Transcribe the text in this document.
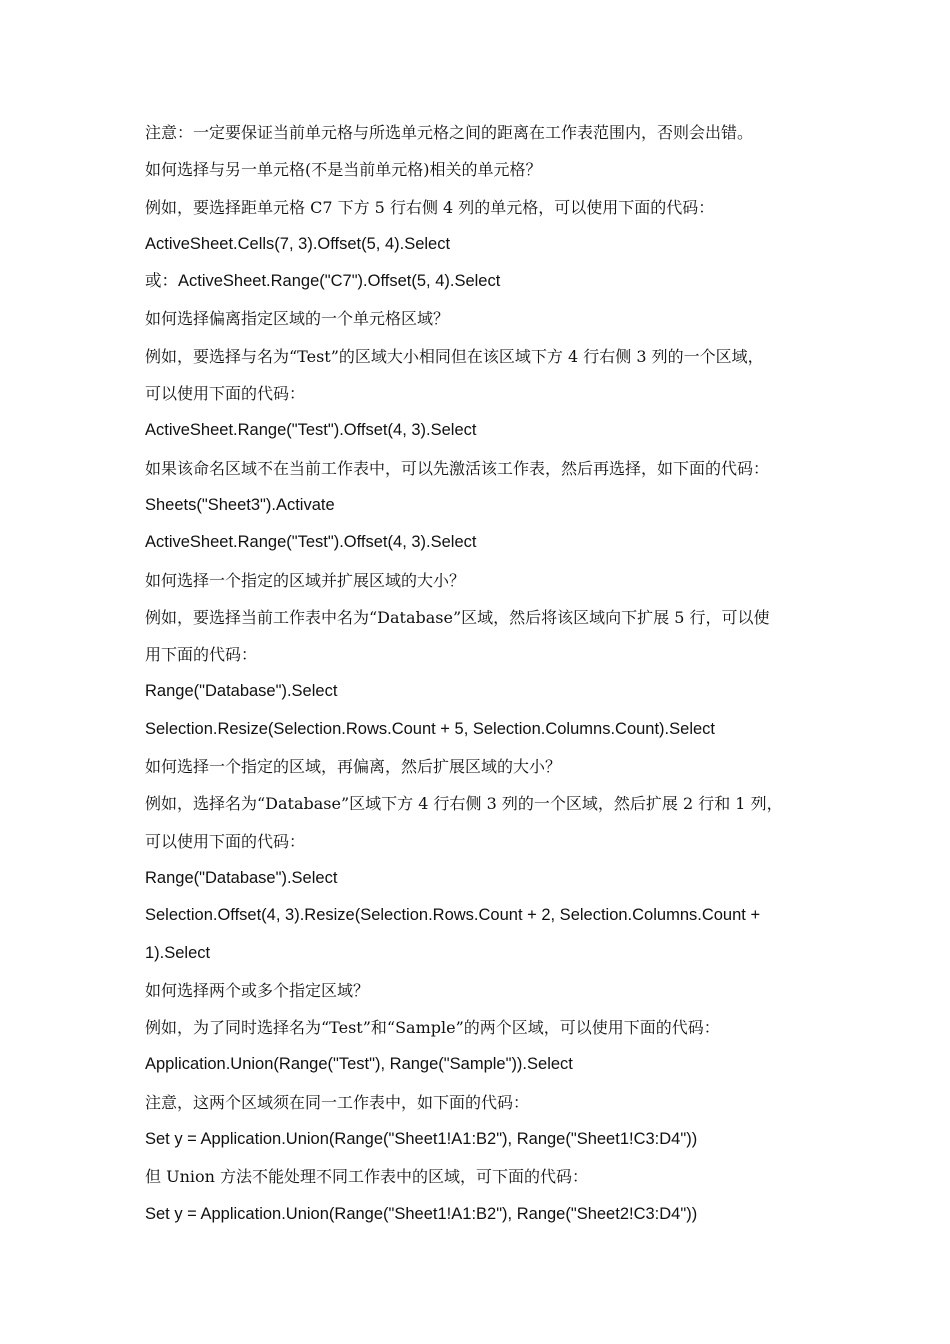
注意：一定要保证当前单元格与所选单元格之间的距离在工作表范围内，否则会出错。
如何选择与另一单元格(不是当前单元格)相关的单元格？
例如，要选择距单元格 C7 下方 5 行右侧 4 列的单元格，可以使用下面的代码：
ActiveSheet.Cells(7, 3).Offset(5, 4).Select
或：ActiveSheet.Range("C7").Offset(5, 4).Select
如何选择偏离指定区域的一个单元格区域？
例如，要选择与名为“Test”的区域大小相同但在该区域下方 4 行右侧 3 列的一个区域，
可以使用下面的代码：
ActiveSheet.Range("Test").Offset(4, 3).Select
如果该命名区域不在当前工作表中，可以先激活该工作表，然后再选择，如下面的代码：
Sheets("Sheet3").Activate
ActiveSheet.Range("Test").Offset(4, 3).Select
如何选择一个指定的区域并扩展区域的大小？
例如，要选择当前工作表中名为“Database”区域，然后将该区域向下扩展 5 行，可以使
用下面的代码：
Range("Database").Select
Selection.Resize(Selection.Rows.Count + 5, Selection.Columns.Count).Select
如何选择一个指定的区域，再偏离，然后扩展区域的大小？
例如，选择名为“Database”区域下方 4 行右侧 3 列的一个区域，然后扩展 2 行和 1 列，
可以使用下面的代码：
Range("Database").Select
Selection.Offset(4, 3).Resize(Selection.Rows.Count + 2, Selection.Columns.Count +
1).Select
如何选择两个或多个指定区域？
例如，为了同时选择名为“Test”和“Sample”的两个区域，可以使用下面的代码：
Application.Union(Range("Test"), Range("Sample")).Select
注意，这两个区域须在同一工作表中，如下面的代码：
Set y = Application.Union(Range("Sheet1!A1:B2"), Range("Sheet1!C3:D4"))
但 Union 方法不能处理不同工作表中的区域，可下面的代码：
Set y = Application.Union(Range("Sheet1!A1:B2"), Range("Sheet2!C3:D4"))
